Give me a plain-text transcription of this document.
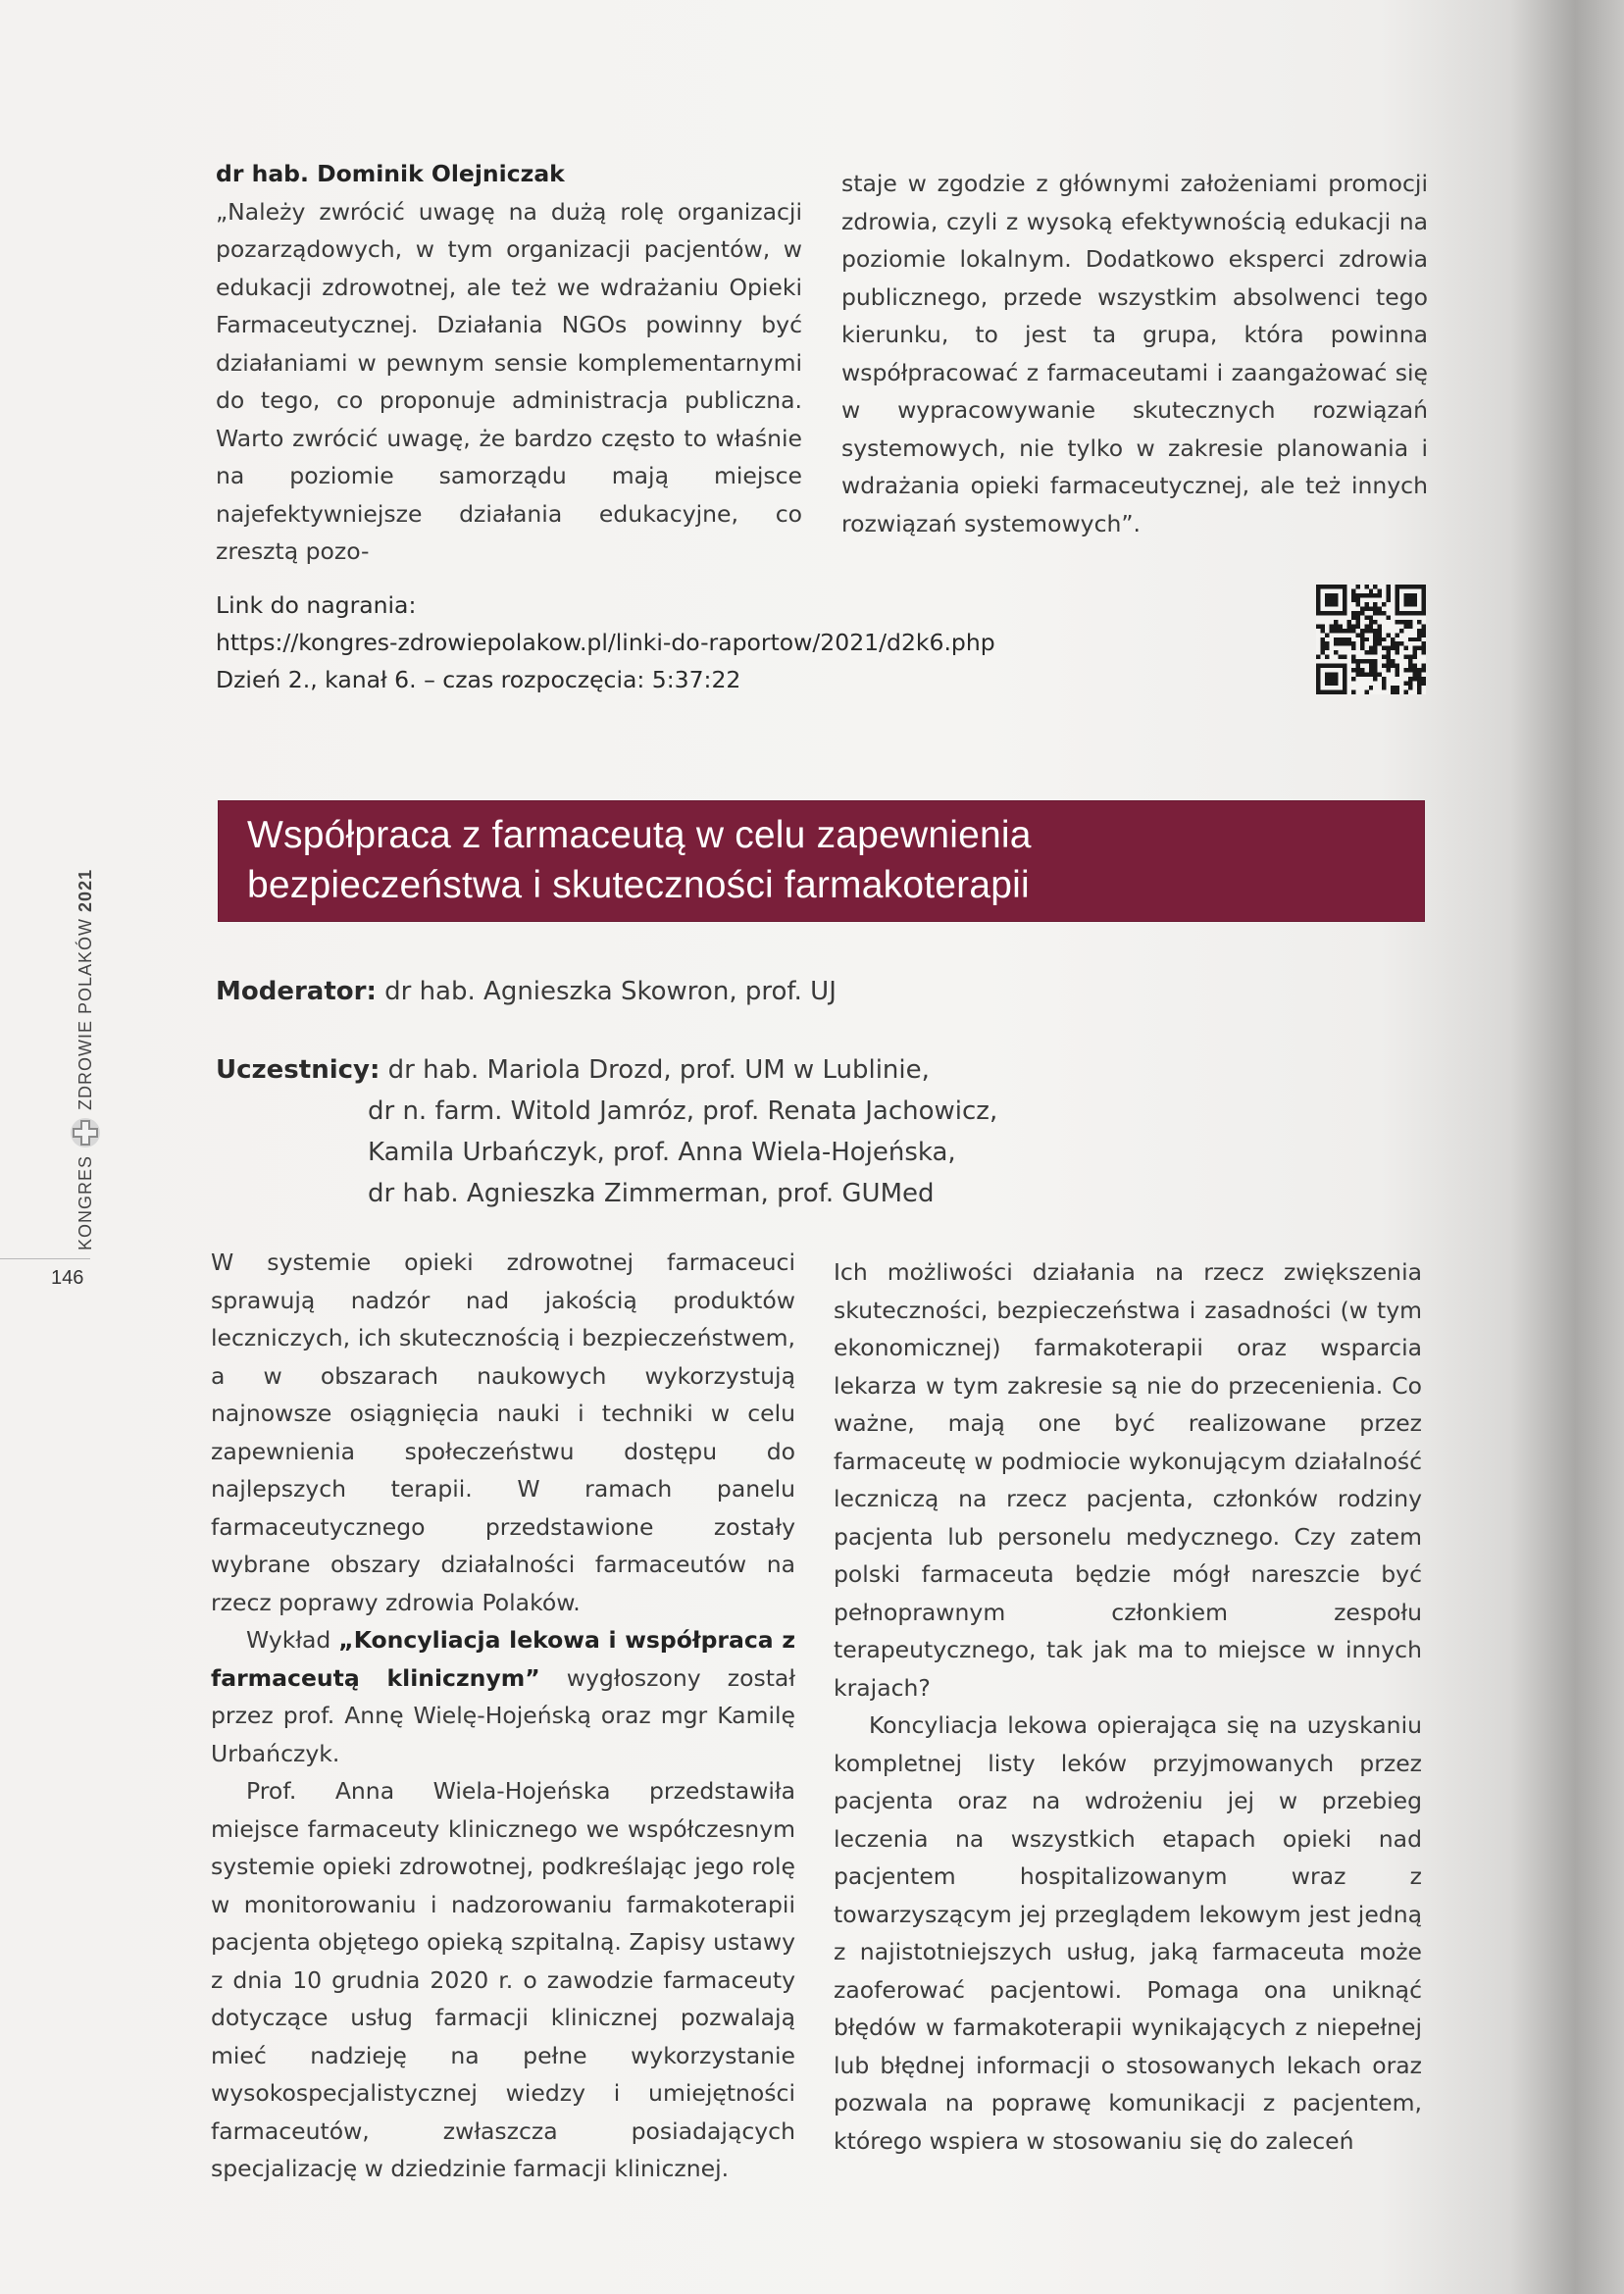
dr hab. Dominik Olejniczak

„Należy zwrócić uwagę na dużą rolę organizacji pozarządowych, w tym organizacji pacjentów, w edukacji zdrowotnej, ale też we wdrażaniu Opieki Farmaceutycznej. Działania NGOs powinny być działaniami w pewnym sensie komplementarnymi do tego, co proponuje administracja publiczna. Warto zwrócić uwagę, że bardzo często to właśnie na poziomie samorządu mają miejsce najefektywniejsze działania edukacyjne, co zresztą pozo-

staje w zgodzie z głównymi założeniami promocji zdrowia, czyli z wysoką efektywnością edukacji na poziomie lokalnym. Dodatkowo eksperci zdrowia publicznego, przede wszystkim absolwenci tego kierunku, to jest ta grupa, która powinna współpracować z farmaceutami i zaangażować się w wypracowywanie skutecznych rozwiązań systemowych, nie tylko w zakresie planowania i wdrażania opieki farmaceutycznej, ale też innych rozwiązań systemowych”.

Link do nagrania:
https://kongres-zdrowiepolakow.pl/linki-do-raportow/2021/d2k6.php
Dzień 2., kanał 6. – czas rozpoczęcia: 5:37:22
Współpraca z farmaceutą w celu zapewnienia
bezpieczeństwa i skuteczności farmakoterapii
Moderator: dr hab. Agnieszka Skowron, prof. UJ
Uczestnicy: dr hab. Mariola Drozd, prof. UM w Lublinie,
dr n. farm. Witold Jamróz, prof. Renata Jachowicz,
Kamila Urbańczyk, prof. Anna Wiela-Hojeńska,
dr hab. Agnieszka Zimmerman, prof. GUMed

W systemie opieki zdrowotnej farmaceuci sprawują nadzór nad jakością produktów leczniczych, ich skutecznością i bezpieczeństwem, a w obszarach naukowych wykorzystują najnowsze osiągnięcia nauki i techniki w celu zapewnienia społeczeństwu dostępu do najlepszych terapii. W ramach panelu farmaceutycznego przedstawione zostały wybrane obszary działalności farmaceutów na rzecz poprawy zdrowia Polaków.

Wykład „Koncyliacja lekowa i współpraca z farmaceutą klinicznym” wygłoszony został przez prof. Annę Wielę-Hojeńską oraz mgr Kamilę Urbańczyk.

Prof. Anna Wiela-Hojeńska przedstawiła miejsce farmaceuty klinicznego we współczesnym systemie opieki zdrowotnej, podkreślając jego rolę w monitorowaniu i nadzorowaniu farmakoterapii pacjenta objętego opieką szpitalną. Zapisy ustawy z dnia 10 grudnia 2020 r. o zawodzie farmaceuty dotyczące usług farmacji klinicznej pozwalają mieć nadzieję na pełne wykorzystanie wysokospecjalistycznej wiedzy i umiejętności farmaceutów, zwłaszcza posiadających specjalizację w dziedzinie farmacji klinicznej.

Ich możliwości działania na rzecz zwiększenia skuteczności, bezpieczeństwa i zasadności (w tym ekonomicznej) farmakoterapii oraz wsparcia lekarza w tym zakresie są nie do przecenienia. Co ważne, mają one być realizowane przez farmaceutę w podmiocie wykonującym działalność leczniczą na rzecz pacjenta, członków rodziny pacjenta lub personelu medycznego. Czy zatem polski farmaceuta będzie mógł nareszcie być pełnoprawnym członkiem zespołu terapeutycznego, tak jak ma to miejsce w innych krajach?

Koncyliacja lekowa opierająca się na uzyskaniu kompletnej listy leków przyjmowanych przez pacjenta oraz na wdrożeniu jej w przebieg leczenia na wszystkich etapach opieki nad pacjentem hospitalizowanym wraz z towarzyszącym jej przeglądem lekowym jest jedną z najistotniejszych usług, jaką farmaceuta może zaoferować pacjentowi. Pomaga ona uniknąć błędów w farmakoterapii wynikających z niepełnej lub błędnej informacji o stosowanych lekach oraz pozwala na poprawę komunikacji z pacjentem, którego wspiera w stosowaniu się do zaleceń

146
KONGRES
ZDROWIE POLAKÓW
2021
